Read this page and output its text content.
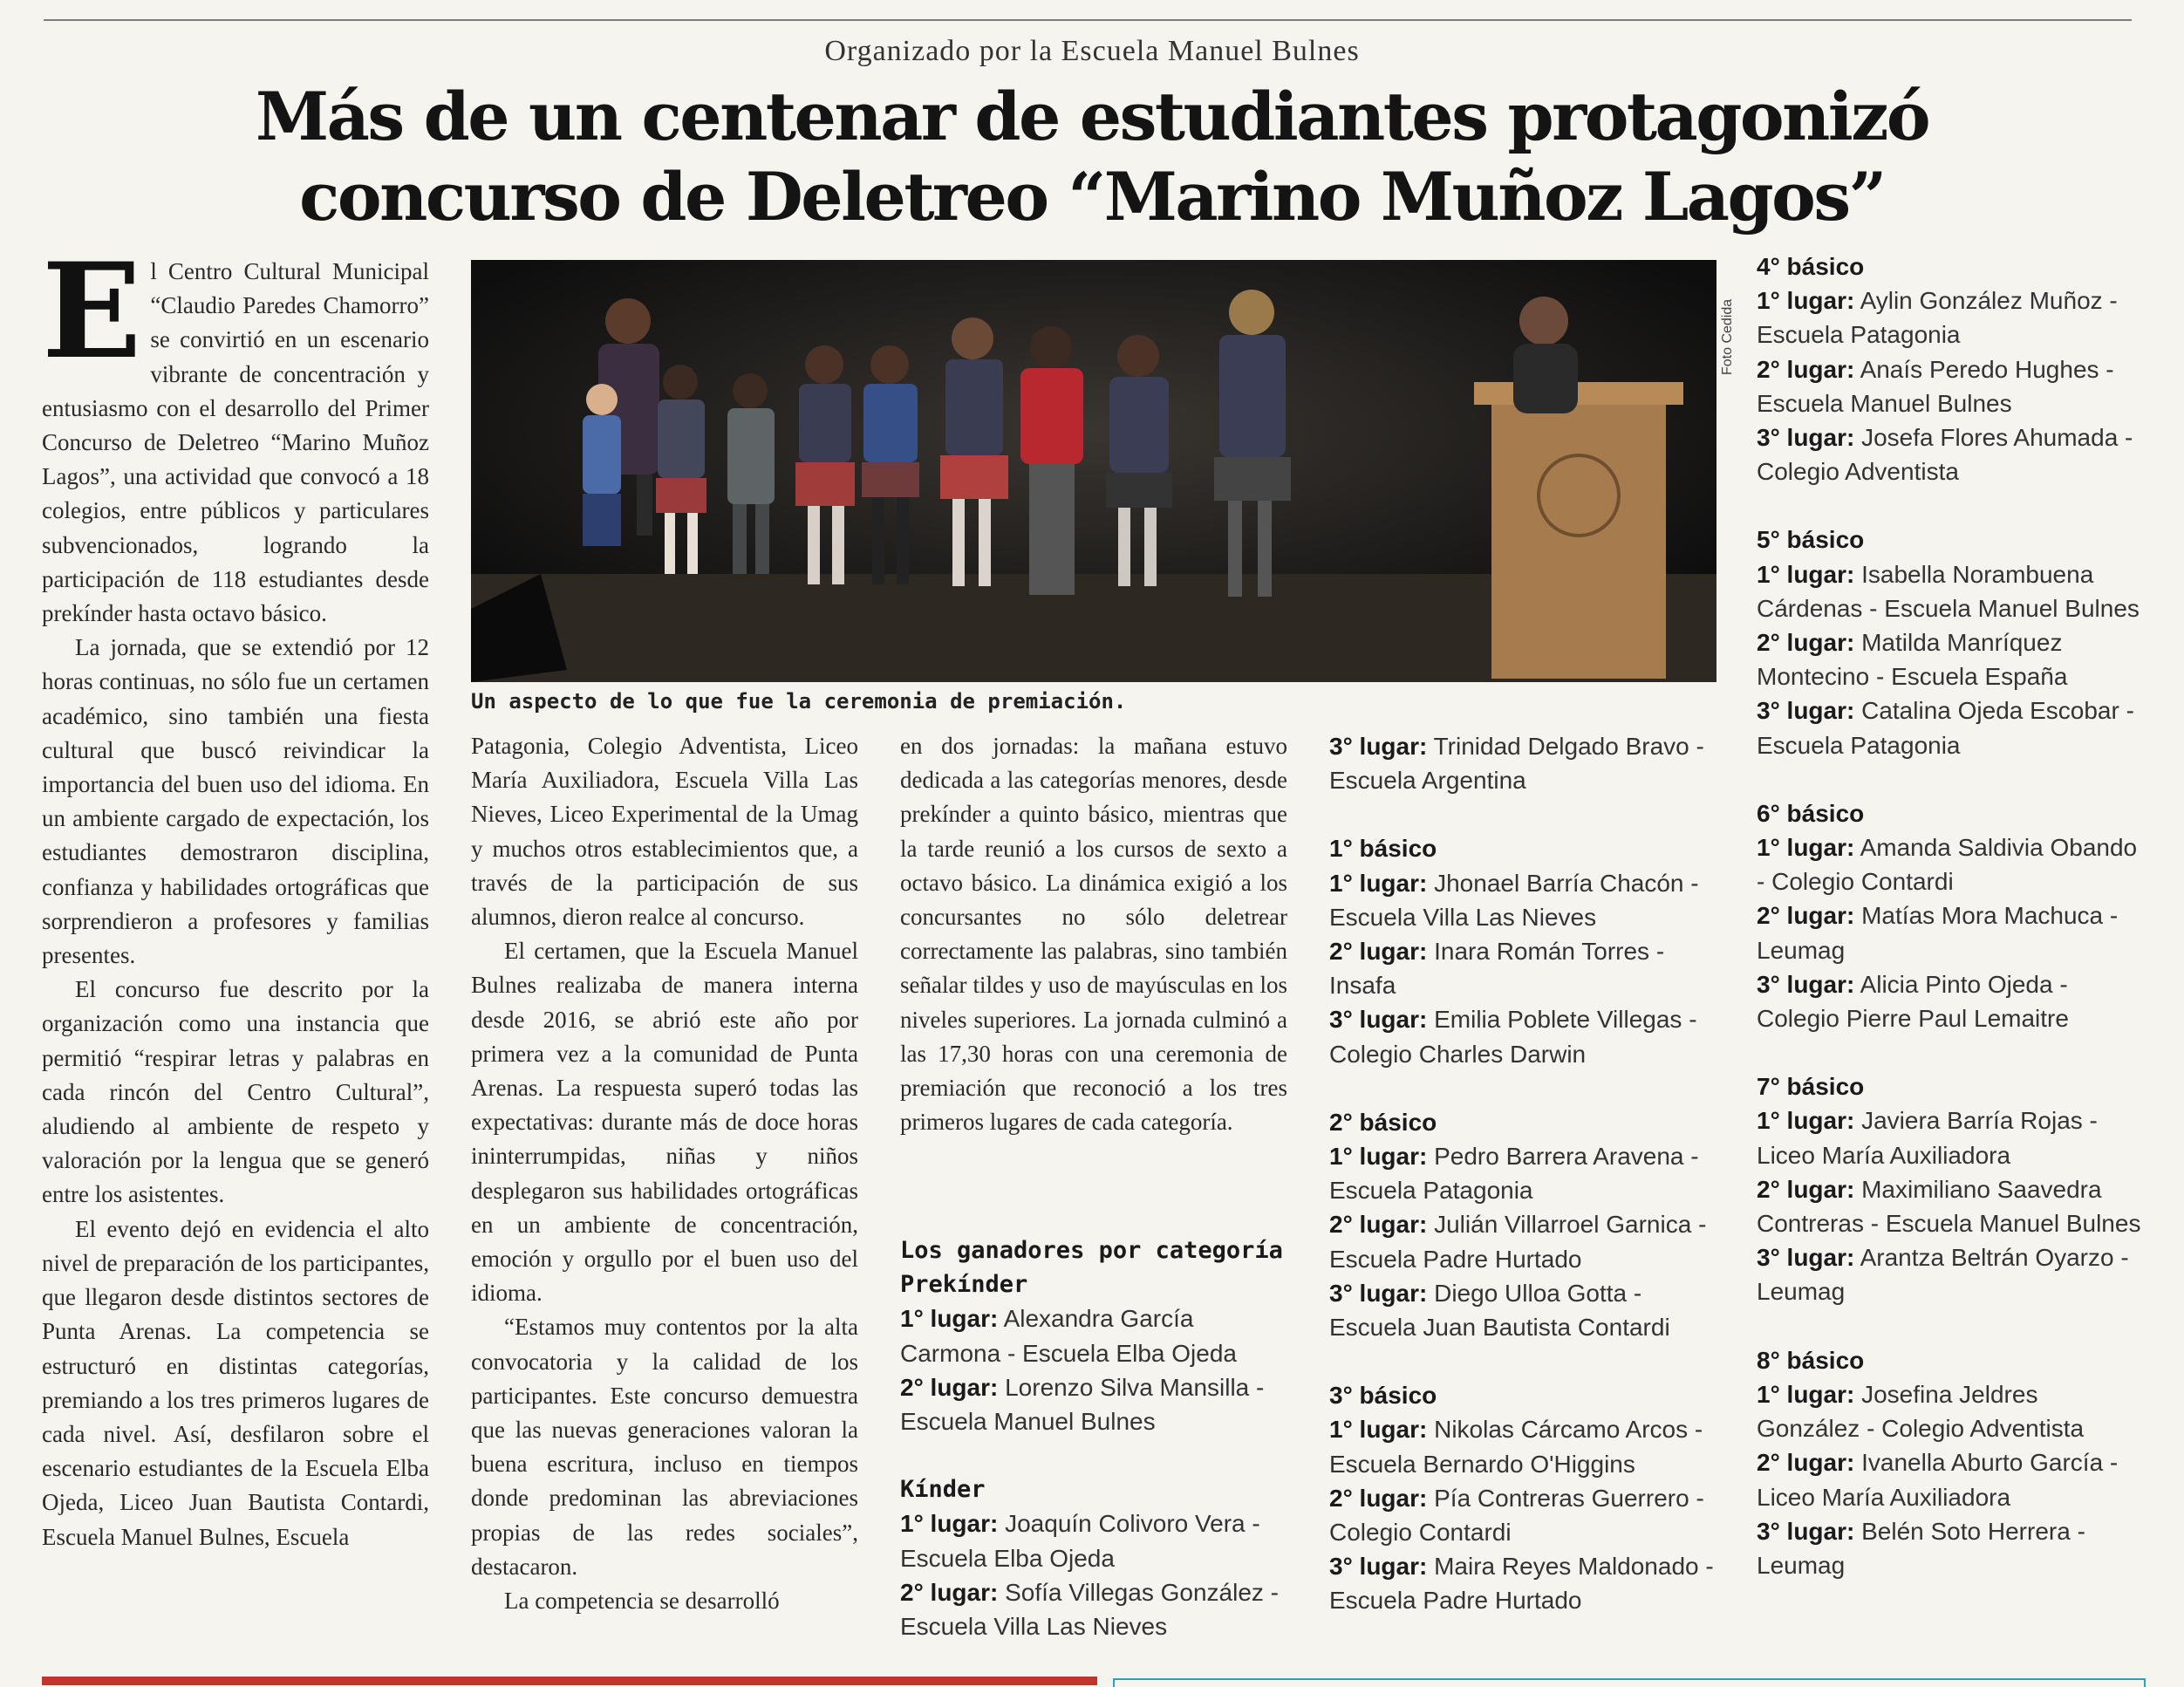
Organizado por la Escuela Manuel Bulnes
Más de un centenar de estudiantes protagonizó
concurso de Deletreo “Marino Muñoz Lagos”

El Centro Cultural Municipal “Claudio Paredes Chamorro” se convirtió en un escenario vibrante de concentración y entusiasmo con el desarrollo del Primer Concurso de Deletreo “Marino Muñoz Lagos”, una actividad que convocó a 18 colegios, entre públicos y particulares subvencionados, logrando la participación de 118 estudiantes desde prekínder hasta octavo básico.

La jornada, que se extendió por 12 horas continuas, no sólo fue un certamen académico, sino también una fiesta cultural que buscó reivindicar la importancia del buen uso del idioma. En un ambiente cargado de expectación, los estudiantes demostraron disciplina, confianza y habilidades ortográficas que sorprendieron a profesores y familias presentes.

El concurso fue descrito por la organización como una instancia que permitió “respirar letras y palabras en cada rincón del Centro Cultural”, aludiendo al ambiente de respeto y valoración por la lengua que se generó entre los asistentes.

El evento dejó en evidencia el alto nivel de preparación de los participantes, que llegaron desde distintos sectores de Punta Arenas. La competencia se estructuró en distintas categorías, premiando a los tres primeros lugares de cada nivel. Así, desfilaron sobre el escenario estudiantes de la Escuela Elba Ojeda, Liceo Juan Bautista Contardi, Escuela Manuel Bulnes, Escuela

Foto Cedida
Un aspecto de lo que fue la ceremonia de premiación.

Patagonia, Colegio Adventista, Liceo María Auxiliadora, Escuela Villa Las Nieves, Liceo Experimental de la Umag y muchos otros establecimientos que, a través de la participación de sus alumnos, dieron realce al concurso.

El certamen, que la Escuela Manuel Bulnes realizaba de manera interna desde 2016, se abrió este año por primera vez a la comunidad de Punta Arenas. La respuesta superó todas las expectativas: durante más de doce horas ininterrumpidas, niñas y niños desplegaron sus habilidades ortográficas en un ambiente de concentración, emoción y orgullo por el buen uso del idioma.

“Estamos muy contentos por la alta convocatoria y la calidad de los participantes. Este concurso demuestra que las nuevas generaciones valoran la buena escritura, incluso en tiempos donde predominan las abreviaciones propias de las redes sociales”, destacaron.

La competencia se desarrolló

en dos jornadas: la mañana estuvo dedicada a las categorías menores, desde prekínder a quinto básico, mientras que la tarde reunió a los cursos de sexto a octavo básico. La dinámica exigió a los concursantes no sólo deletrear correctamente las palabras, sino también señalar tildes y uso de mayúsculas en los niveles superiores. La jornada culminó a las 17,30 horas con una ceremonia de premiación que reconoció a los tres primeros lugares de cada categoría.

Los ganadores por categoría
Prekínder
1° lugar: Alexandra García Carmona - Escuela Elba Ojeda
2° lugar: Lorenzo Silva Mansilla - Escuela Manuel Bulnes
Kínder
1° lugar: Joaquín Colivoro Vera - Escuela Elba Ojeda
2° lugar: Sofía Villegas González - Escuela Villa Las Nieves
3° lugar: Trinidad Delgado Bravo - Escuela Argentina
1° básico
1° lugar: Jhonael Barría Chacón - Escuela Villa Las Nieves
2° lugar: Inara Román Torres - Insafa
3° lugar: Emilia Poblete Villegas - Colegio Charles Darwin
2° básico
1° lugar: Pedro Barrera Aravena - Escuela Patagonia
2° lugar: Julián Villarroel Garnica - Escuela Padre Hurtado
3° lugar: Diego Ulloa Gotta - Escuela Juan Bautista Contardi
3° básico
1° lugar: Nikolas Cárcamo Arcos - Escuela Bernardo O'Higgins
2° lugar: Pía Contreras Guerrero - Colegio Contardi
3° lugar: Maira Reyes Maldonado - Escuela Padre Hurtado
4° básico
1° lugar: Aylin González Muñoz - Escuela Patagonia
2° lugar: Anaís Peredo Hughes - Escuela Manuel Bulnes
3° lugar: Josefa Flores Ahumada - Colegio Adventista
5° básico
1° lugar: Isabella Norambuena Cárdenas - Escuela Manuel Bulnes
2° lugar: Matilda Manríquez Montecino - Escuela España
3° lugar: Catalina Ojeda Escobar - Escuela Patagonia
6° básico
1° lugar: Amanda Saldivia Obando - Colegio Contardi
2° lugar: Matías Mora Machuca - Leumag
3° lugar: Alicia Pinto Ojeda - Colegio Pierre Paul Lemaitre
7° básico
1° lugar: Javiera Barría Rojas - Liceo María Auxiliadora
2° lugar: Maximiliano Saavedra Contreras - Escuela Manuel Bulnes
3° lugar: Arantza Beltrán Oyarzo - Leumag
8° básico
1° lugar: Josefina Jeldres González - Colegio Adventista
2° lugar: Ivanella Aburto García - Liceo María Auxiliadora
3° lugar: Belén Soto Herrera - Leumag
